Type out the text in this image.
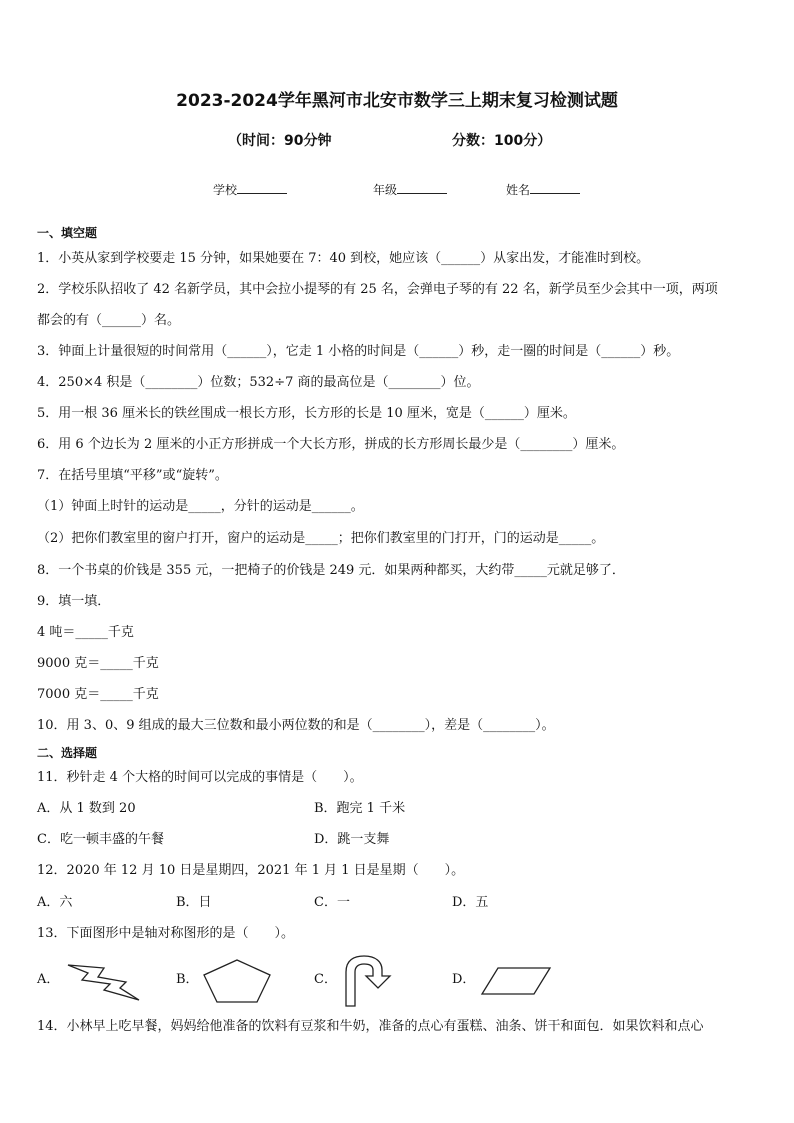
2023-2024学年黑河市北安市数学三上期末复习检测试题
（时间：90分钟	分数：100分）
学校	年级	姓名
一、填空题
1．小英从家到学校要走 15 分钟，如果她要在 7：40 到校，她应该（______）从家出发，才能准时到校。
2．学校乐队招收了 42 名新学员，其中会拉小提琴的有 25 名，会弹电子琴的有 22 名，新学员至少会其中一项，两项
都会的有（______）名。
3．钟面上计量很短的时间常用（______），它走 1 小格的时间是（______）秒，走一圈的时间是（______）秒。
4．250×4 积是（________）位数；532÷7 商的最高位是（________）位。
5．用一根 36 厘米长的铁丝围成一根长方形，长方形的长是 10 厘米，宽是（______）厘米。
6．用 6 个边长为 2 厘米的小正方形拼成一个大长方形，拼成的长方形周长最少是（________）厘米。
7．在括号里填“平移”或“旋转”。
（1）钟面上时针的运动是_____，分针的运动是______。
（2）把你们教室里的窗户打开，窗户的运动是_____；把你们教室里的门打开，门的运动是_____。
8．一个书桌的价钱是 355 元，一把椅子的价钱是 249 元．如果两种都买，大约带_____元就足够了．
9．填一填．
4 吨＝_____千克
9000 克＝_____千克
7000 克＝_____千克
10．用 3、0、9 组成的最大三位数和最小两位数的和是（________），差是（________）。
二、选择题
11．秒针走 4 个大格的时间可以完成的事情是（　　）。
A．从 1 数到 20	B．跑完 1 千米
C．吃一顿丰盛的午餐	D．跳一支舞
12．2020 年 12 月 10 日是星期四，2021 年 1 月 1 日是星期（　　）。
A．六	B．日	C．一	D．五
13．下面图形中是轴对称图形的是（　　）。
A．	B．	C．	D．
14．小林早上吃早餐，妈妈给他准备的饮料有豆浆和牛奶，准备的点心有蛋糕、油条、饼干和面包．如果饮料和点心
